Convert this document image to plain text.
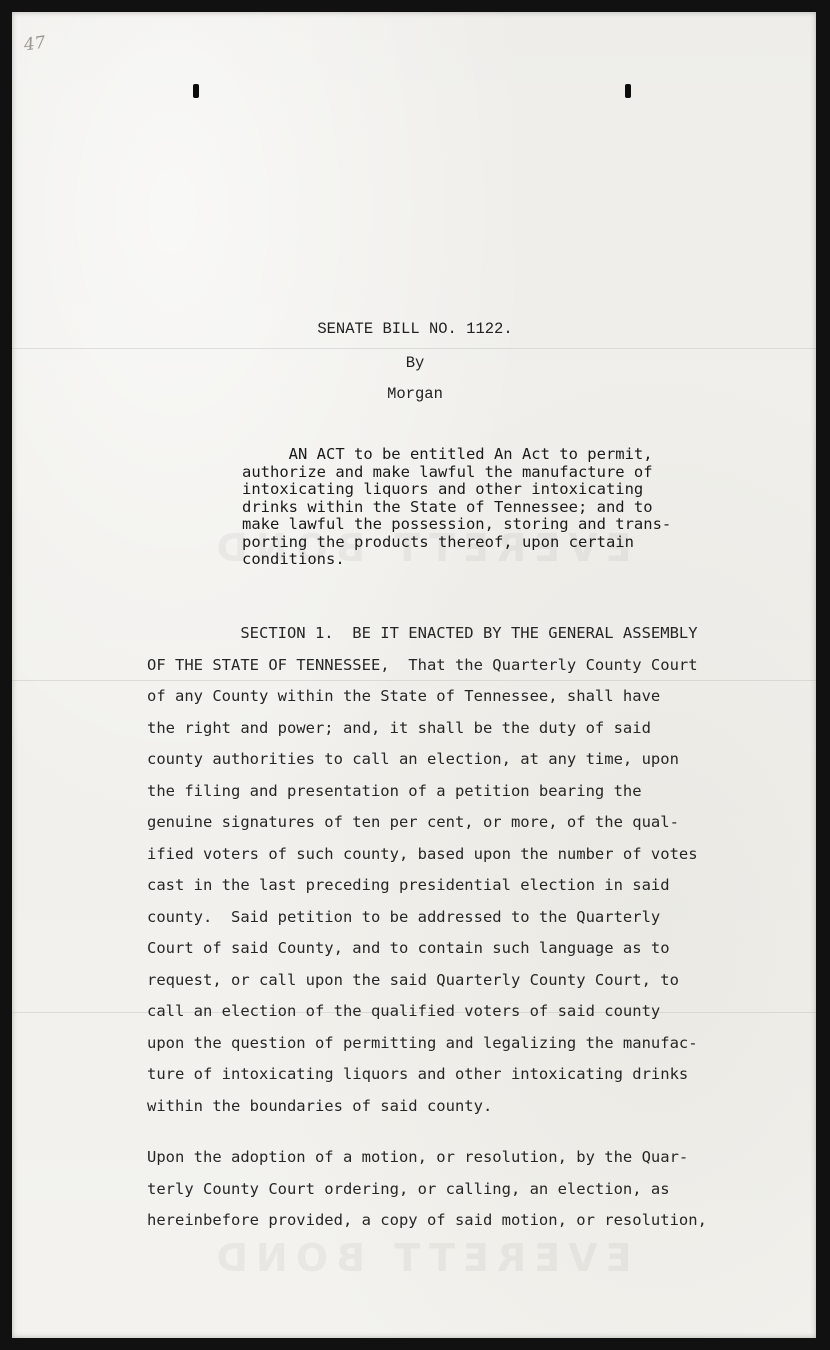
47
SENATE BILL NO. 1122.
By
Morgan
AN ACT to be entitled An Act to permit,
authorize and make lawful the manufacture of
intoxicating liquors and other intoxicating
drinks within the State of Tennessee; and to
make lawful the possession, storing and trans-
porting the products thereof, upon certain
conditions.
SECTION 1.  BE IT ENACTED BY THE GENERAL ASSEMBLY
OF THE STATE OF TENNESSEE,  That the Quarterly County Court
of any County within the State of Tennessee, shall have
the right and power; and, it shall be the duty of said
county authorities to call an election, at any time, upon
the filing and presentation of a petition bearing the
genuine signatures of ten per cent, or more, of the qual-
ified voters of such county, based upon the number of votes
cast in the last preceding presidential election in said
county.  Said petition to be addressed to the Quarterly
Court of said County, and to contain such language as to
request, or call upon the said Quarterly County Court, to
call an election of the qualified voters of said county
upon the question of permitting and legalizing the manufac-
ture of intoxicating liquors and other intoxicating drinks
within the boundaries of said county.
Upon the adoption of a motion, or resolution, by the Quar-
terly County Court ordering, or calling, an election, as
hereinbefore provided, a copy of said motion, or resolution,
